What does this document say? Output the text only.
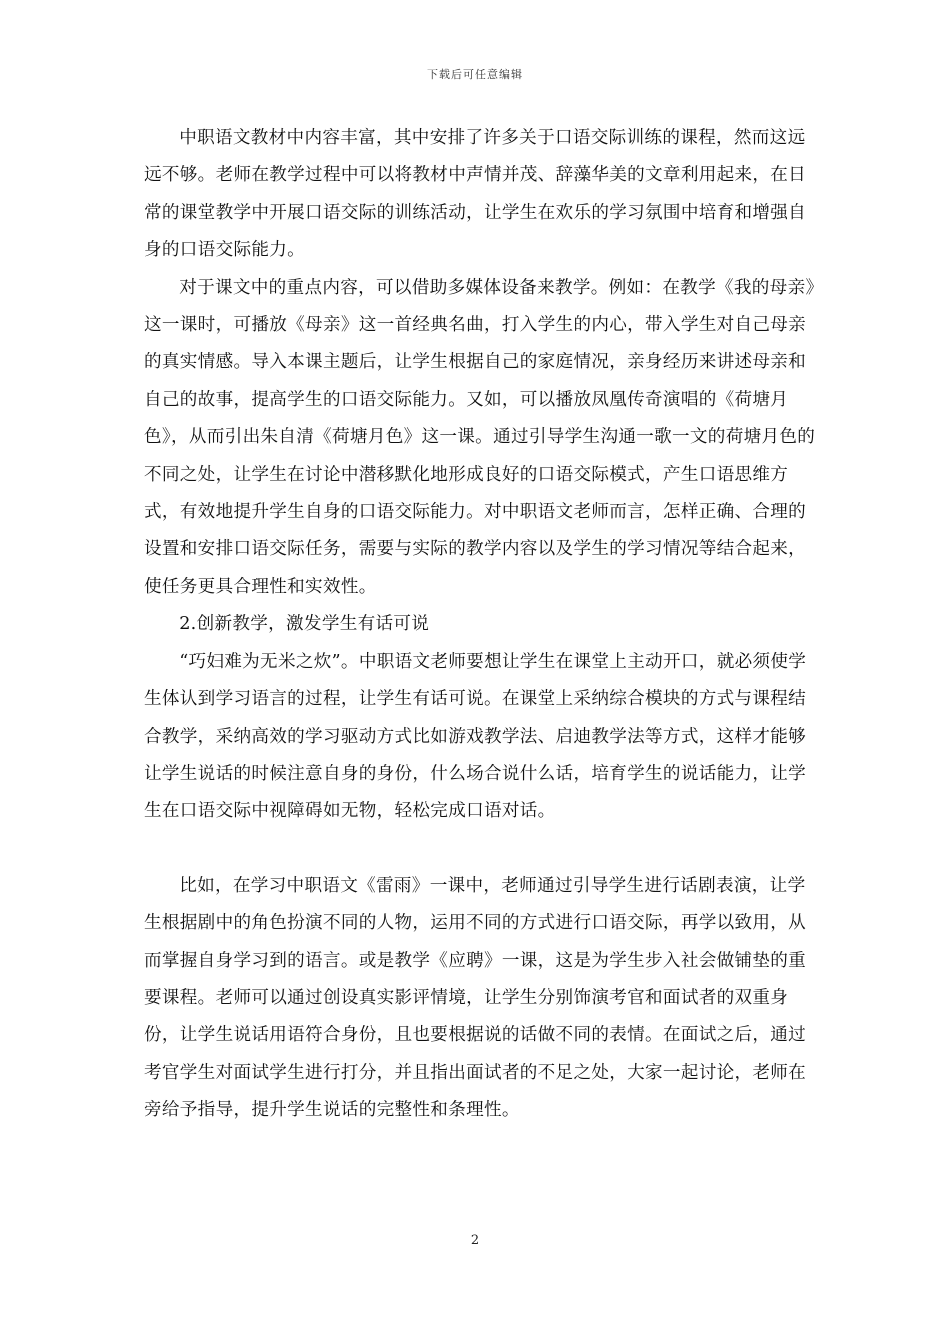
下载后可任意编辑

中职语文教材中内容丰富，其中安排了许多关于口语交际训练的课程，然而这远远不够。老师在教学过程中可以将教材中声情并茂、辞藻华美的文章利用起来，在日常的课堂教学中开展口语交际的训练活动，让学生在欢乐的学习氛围中培育和增强自身的口语交际能力。

对于课文中的重点内容，可以借助多媒体设备来教学。例如：在教学《我的母亲》这一课时，可播放《母亲》这一首经典名曲，打入学生的内心，带入学生对自己母亲的真实情感。导入本课主题后，让学生根据自己的家庭情况，亲身经历来讲述母亲和自己的故事，提高学生的口语交际能力。又如，可以播放凤凰传奇演唱的《荷塘月色》，从而引出朱自清《荷塘月色》这一课。通过引导学生沟通一歌一文的荷塘月色的不同之处，让学生在讨论中潜移默化地形成良好的口语交际模式，产生口语思维方式，有效地提升学生自身的口语交际能力。对中职语文老师而言，怎样正确、合理的设置和安排口语交际任务，需要与实际的教学内容以及学生的学习情况等结合起来，使任务更具合理性和实效性。

2.创新教学，激发学生有话可说

“巧妇难为无米之炊”。中职语文老师要想让学生在课堂上主动开口，就必须使学生体认到学习语言的过程，让学生有话可说。在课堂上采纳综合模块的方式与课程结合教学，采纳高效的学习驱动方式比如游戏教学法、启迪教学法等方式，这样才能够让学生说话的时候注意自身的身份，什么场合说什么话，培育学生的说话能力，让学生在口语交际中视障碍如无物，轻松完成口语对话。

比如，在学习中职语文《雷雨》一课中，老师通过引导学生进行话剧表演，让学生根据剧中的角色扮演不同的人物，运用不同的方式进行口语交际，再学以致用，从而掌握自身学习到的语言。或是教学《应聘》一课，这是为学生步入社会做铺垫的重要课程。老师可以通过创设真实影评情境，让学生分别饰演考官和面试者的双重身份，让学生说话用语符合身份，且也要根据说的话做不同的表情。在面试之后，通过考官学生对面试学生进行打分，并且指出面试者的不足之处，大家一起讨论，老师在旁给予指导，提升学生说话的完整性和条理性。

2
